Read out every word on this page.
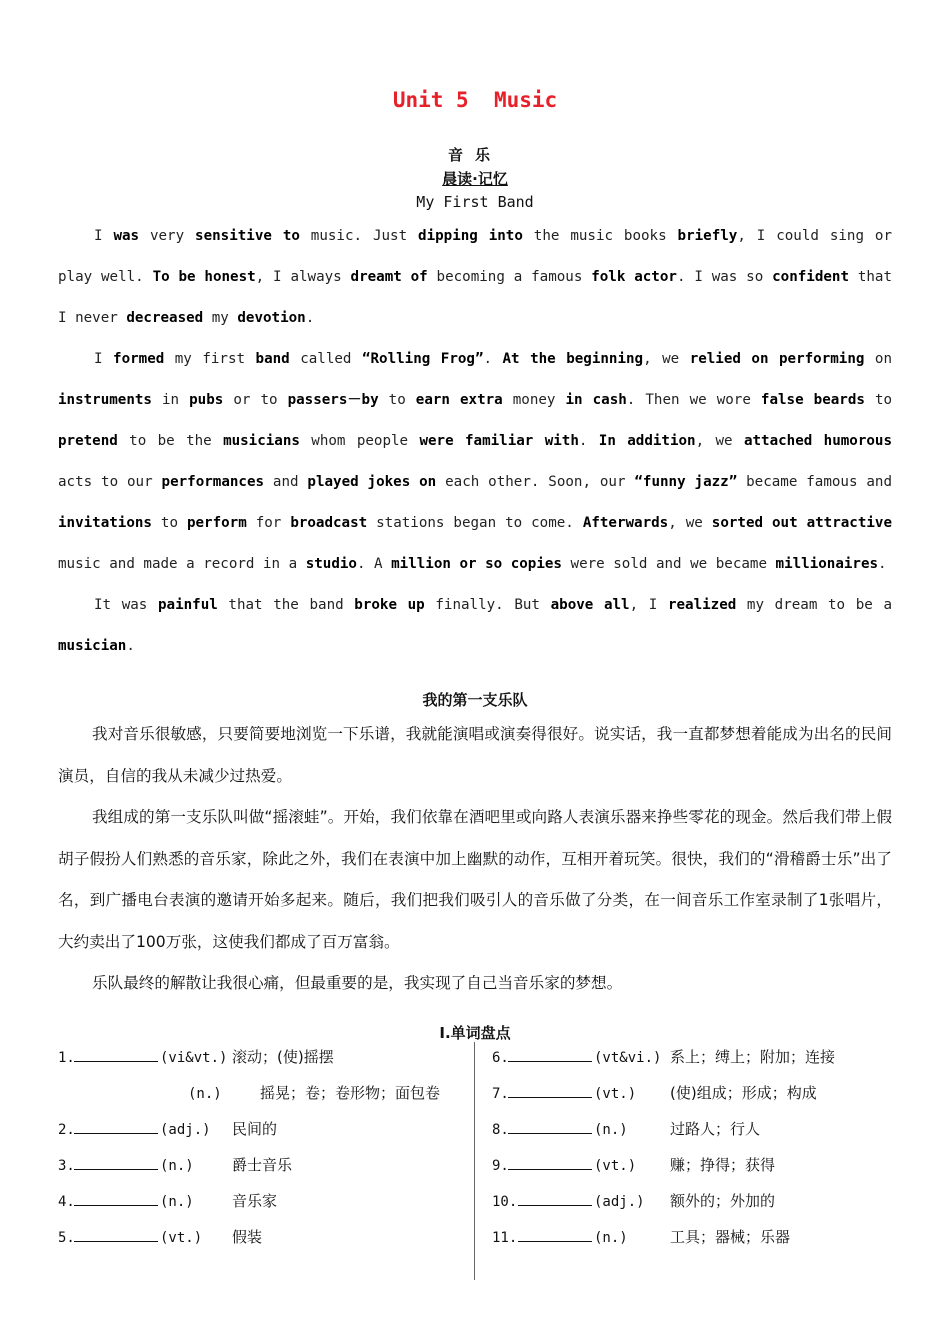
Unit 5  Music
音乐
晨读·记忆
My First Band

I was very sensitive to music. Just dipping into the music books briefly, I could sing or play well. To be honest, I always dreamt of becoming a famous folk actor. I was so confident that I never decreased my devotion.

I formed my first band called “Rolling Frog”. At the beginning, we relied on performing on instruments in pubs or to passers－by to earn extra money in cash. Then we wore false beards to pretend to be the musicians whom people were familiar with. In addition, we attached humorous acts to our performances and played jokes on each other. Soon, our “funny jazz” became famous and invitations to perform for broadcast stations began to come. Afterwards, we sorted out attractive music and made a record in a studio. A million or so copies were sold and we became millionaires.

It was painful that the band broke up finally. But above all, I realized my dream to be a musician.

我的第一支乐队

我对音乐很敏感，只要简要地浏览一下乐谱，我就能演唱或演奏得很好。说实话，我一直都梦想着能成为出名的民间演员，自信的我从未减少过热爱。

我组成的第一支乐队叫做“摇滚蛙”。开始，我们依靠在酒吧里或向路人表演乐器来挣些零花的现金。然后我们带上假胡子假扮人们熟悉的音乐家，除此之外，我们在表演中加上幽默的动作，互相开着玩笑。很快，我们的“滑稽爵士乐”出了名，到广播电台表演的邀请开始多起来。随后，我们把我们吸引人的音乐做了分类，在一间音乐工作室录制了1张唱片，大约卖出了100万张，这使我们都成了百万富翁。

乐队最终的解散让我很心痛，但最重要的是，我实现了自己当音乐家的梦想。

Ⅰ.单词盘点
1.	(vi&vt.) 滚动；(使)摇摆
(n.)	摇晃；卷；卷形物；面包卷
2.	(adj.) 民间的
3.	(n.)	爵士音乐
4.	(n.)	音乐家
5.	(vt.) 假装
6.	(vt&vi.) 系上；缚上；附加；连接
7.	(vt.) (使)组成；形成；构成
8.	(n.)	过路人；行人
9.	(vt.) 赚；挣得；获得
10.	(adj.) 额外的；外加的
11.	(n.)	工具；器械；乐器
